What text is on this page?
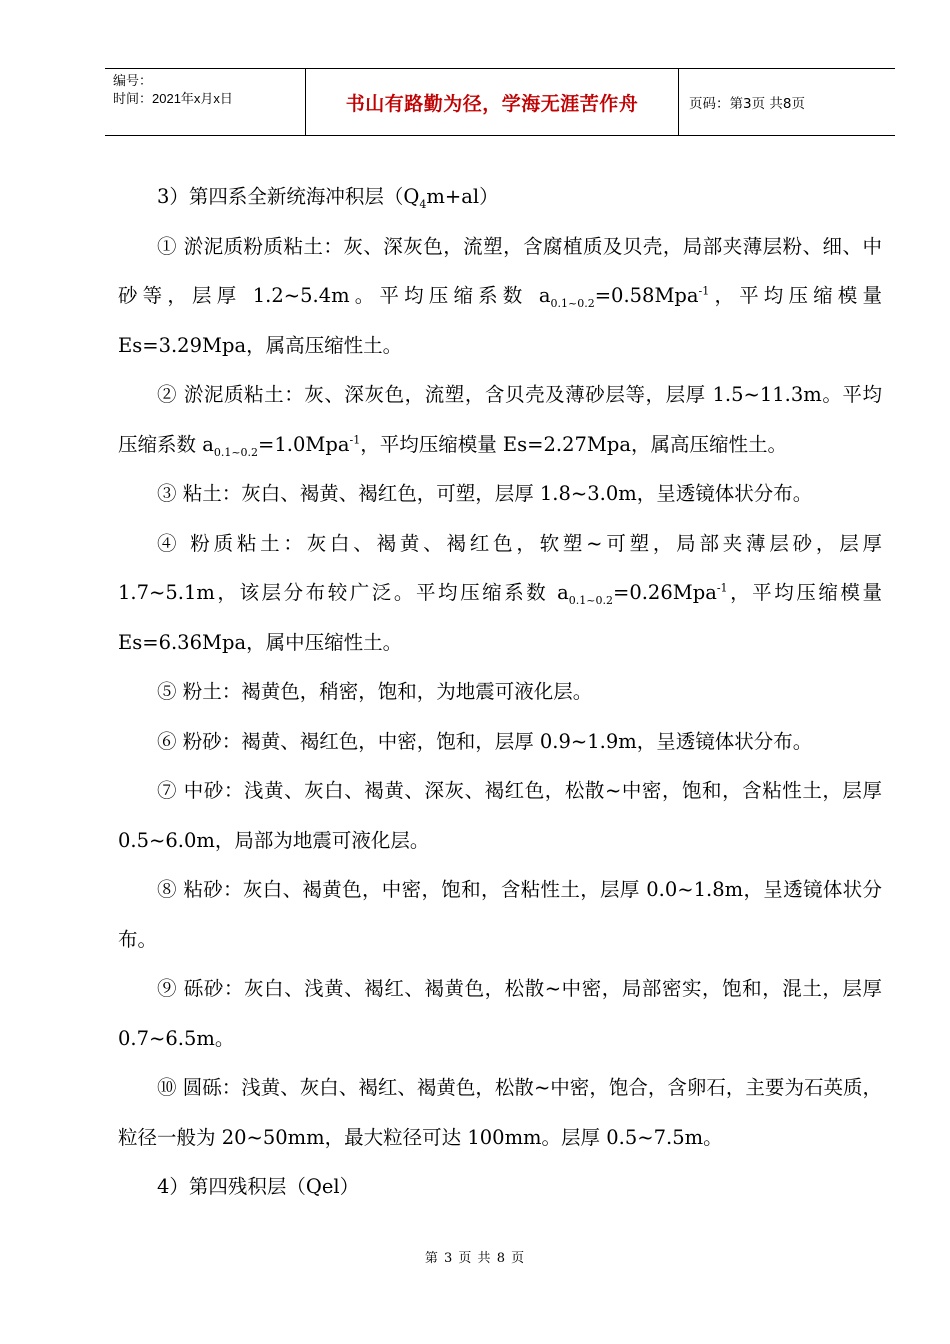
编号：
时间：2021年x月x日	书山有路勤为径，学海无涯苦作舟	页码：第3页 共8页

3）第四系全新统海冲积层$(Q_4m+al)$

① 淤泥质粉质粘土：灰、深灰色，流塑，含腐植质及贝壳，局部夹薄层粉、细、中砂等，层厚 1.2~5.4m。平均压缩系数 $a_{0.1\sim 0.2}=0.58Mpa^{-1}$，平均压缩模量 Es=3.29Mpa，属高压缩性土。

② 淤泥质粘土：灰、深灰色，流塑，含贝壳及薄砂层等，层厚 1.5~11.3m。平均压缩系数 $a_{0.1\sim 0.2}=1.0Mpa^{-1}$，平均压缩模量 Es=2.27Mpa，属高压缩性土。

③ 粘土：灰白、褐黄、褐红色，可塑，层厚 1.8~3.0m，呈透镜体状分布。

④ 粉质粘土：灰白、褐黄、褐红色，软塑~可塑，局部夹薄层砂，层厚 1.7~5.1m，该层分布较广泛。平均压缩系数 $a_{0.1\sim 0.2}=0.26Mpa^{-1}$，平均压缩模量 Es=6.36Mpa，属中压缩性土。

⑤ 粉土：褐黄色，稍密，饱和，为地震可液化层。

⑥ 粉砂：褐黄、褐红色，中密，饱和，层厚 0.9~1.9m，呈透镜体状分布。

⑦ 中砂：浅黄、灰白、褐黄、深灰、褐红色，松散~中密，饱和，含粘性土，层厚 0.5~6.0m，局部为地震可液化层。

⑧ 粘砂：灰白、褐黄色，中密，饱和，含粘性土，层厚 0.0~1.8m，呈透镜体状分布。

⑨ 砾砂：灰白、浅黄、褐红、褐黄色，松散~中密，局部密实，饱和，混土，层厚 0.7~6.5m。

⑩ 圆砾：浅黄、灰白、褐红、褐黄色，松散~中密，饱合，含卵石，主要为石英质，粒径一般为 20~50mm，最大粒径可达 100mm。层厚 0.5~7.5m。

4）第四残积层（Qel）

第 3 页 共 8 页
